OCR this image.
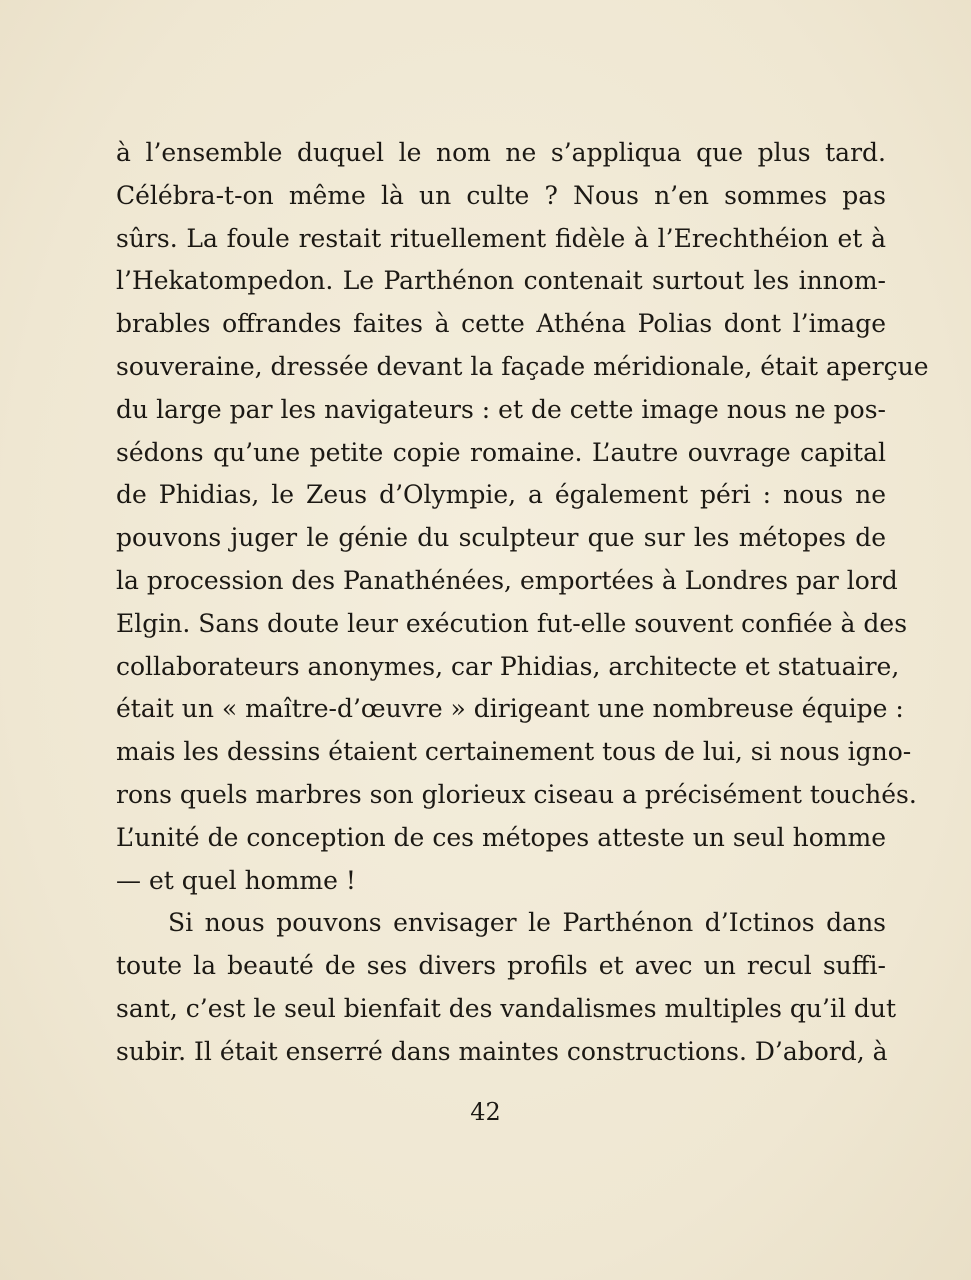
à l’ensemble duquel le nom ne s’appliqua que plus tard.
Célébra-t-on même là un culte ? Nous n’en sommes pas
sûrs. La foule restait rituellement fidèle à l’Erechthéion et à
l’Hekatompedon. Le Parthénon contenait surtout les innom-
brables offrandes faites à cette Athéna Polias dont l’image
souveraine, dressée devant la façade méridionale, était aperçue
du large par les navigateurs : et de cette image nous ne pos-
sédons qu’une petite copie romaine. L’autre ouvrage capital
de Phidias, le Zeus d’Olympie, a également péri : nous ne
pouvons juger le génie du sculpteur que sur les métopes de
la procession des Panathénées, emportées à Londres par lord
Elgin. Sans doute leur exécution fut-elle souvent confiée à des
collaborateurs anonymes, car Phidias, architecte et statuaire,
était un « maître-d’œuvre » dirigeant une nombreuse équipe :
mais les dessins étaient certainement tous de lui, si nous igno-
rons quels marbres son glorieux ciseau a précisément touchés.
L’unité de conception de ces métopes atteste un seul homme
— et quel homme !
Si nous pouvons envisager le Parthénon d’Ictinos dans
toute la beauté de ses divers profils et avec un recul suffi-
sant, c’est le seul bienfait des vandalismes multiples qu’il dut
subir. Il était enserré dans maintes constructions. D’abord, à
42
